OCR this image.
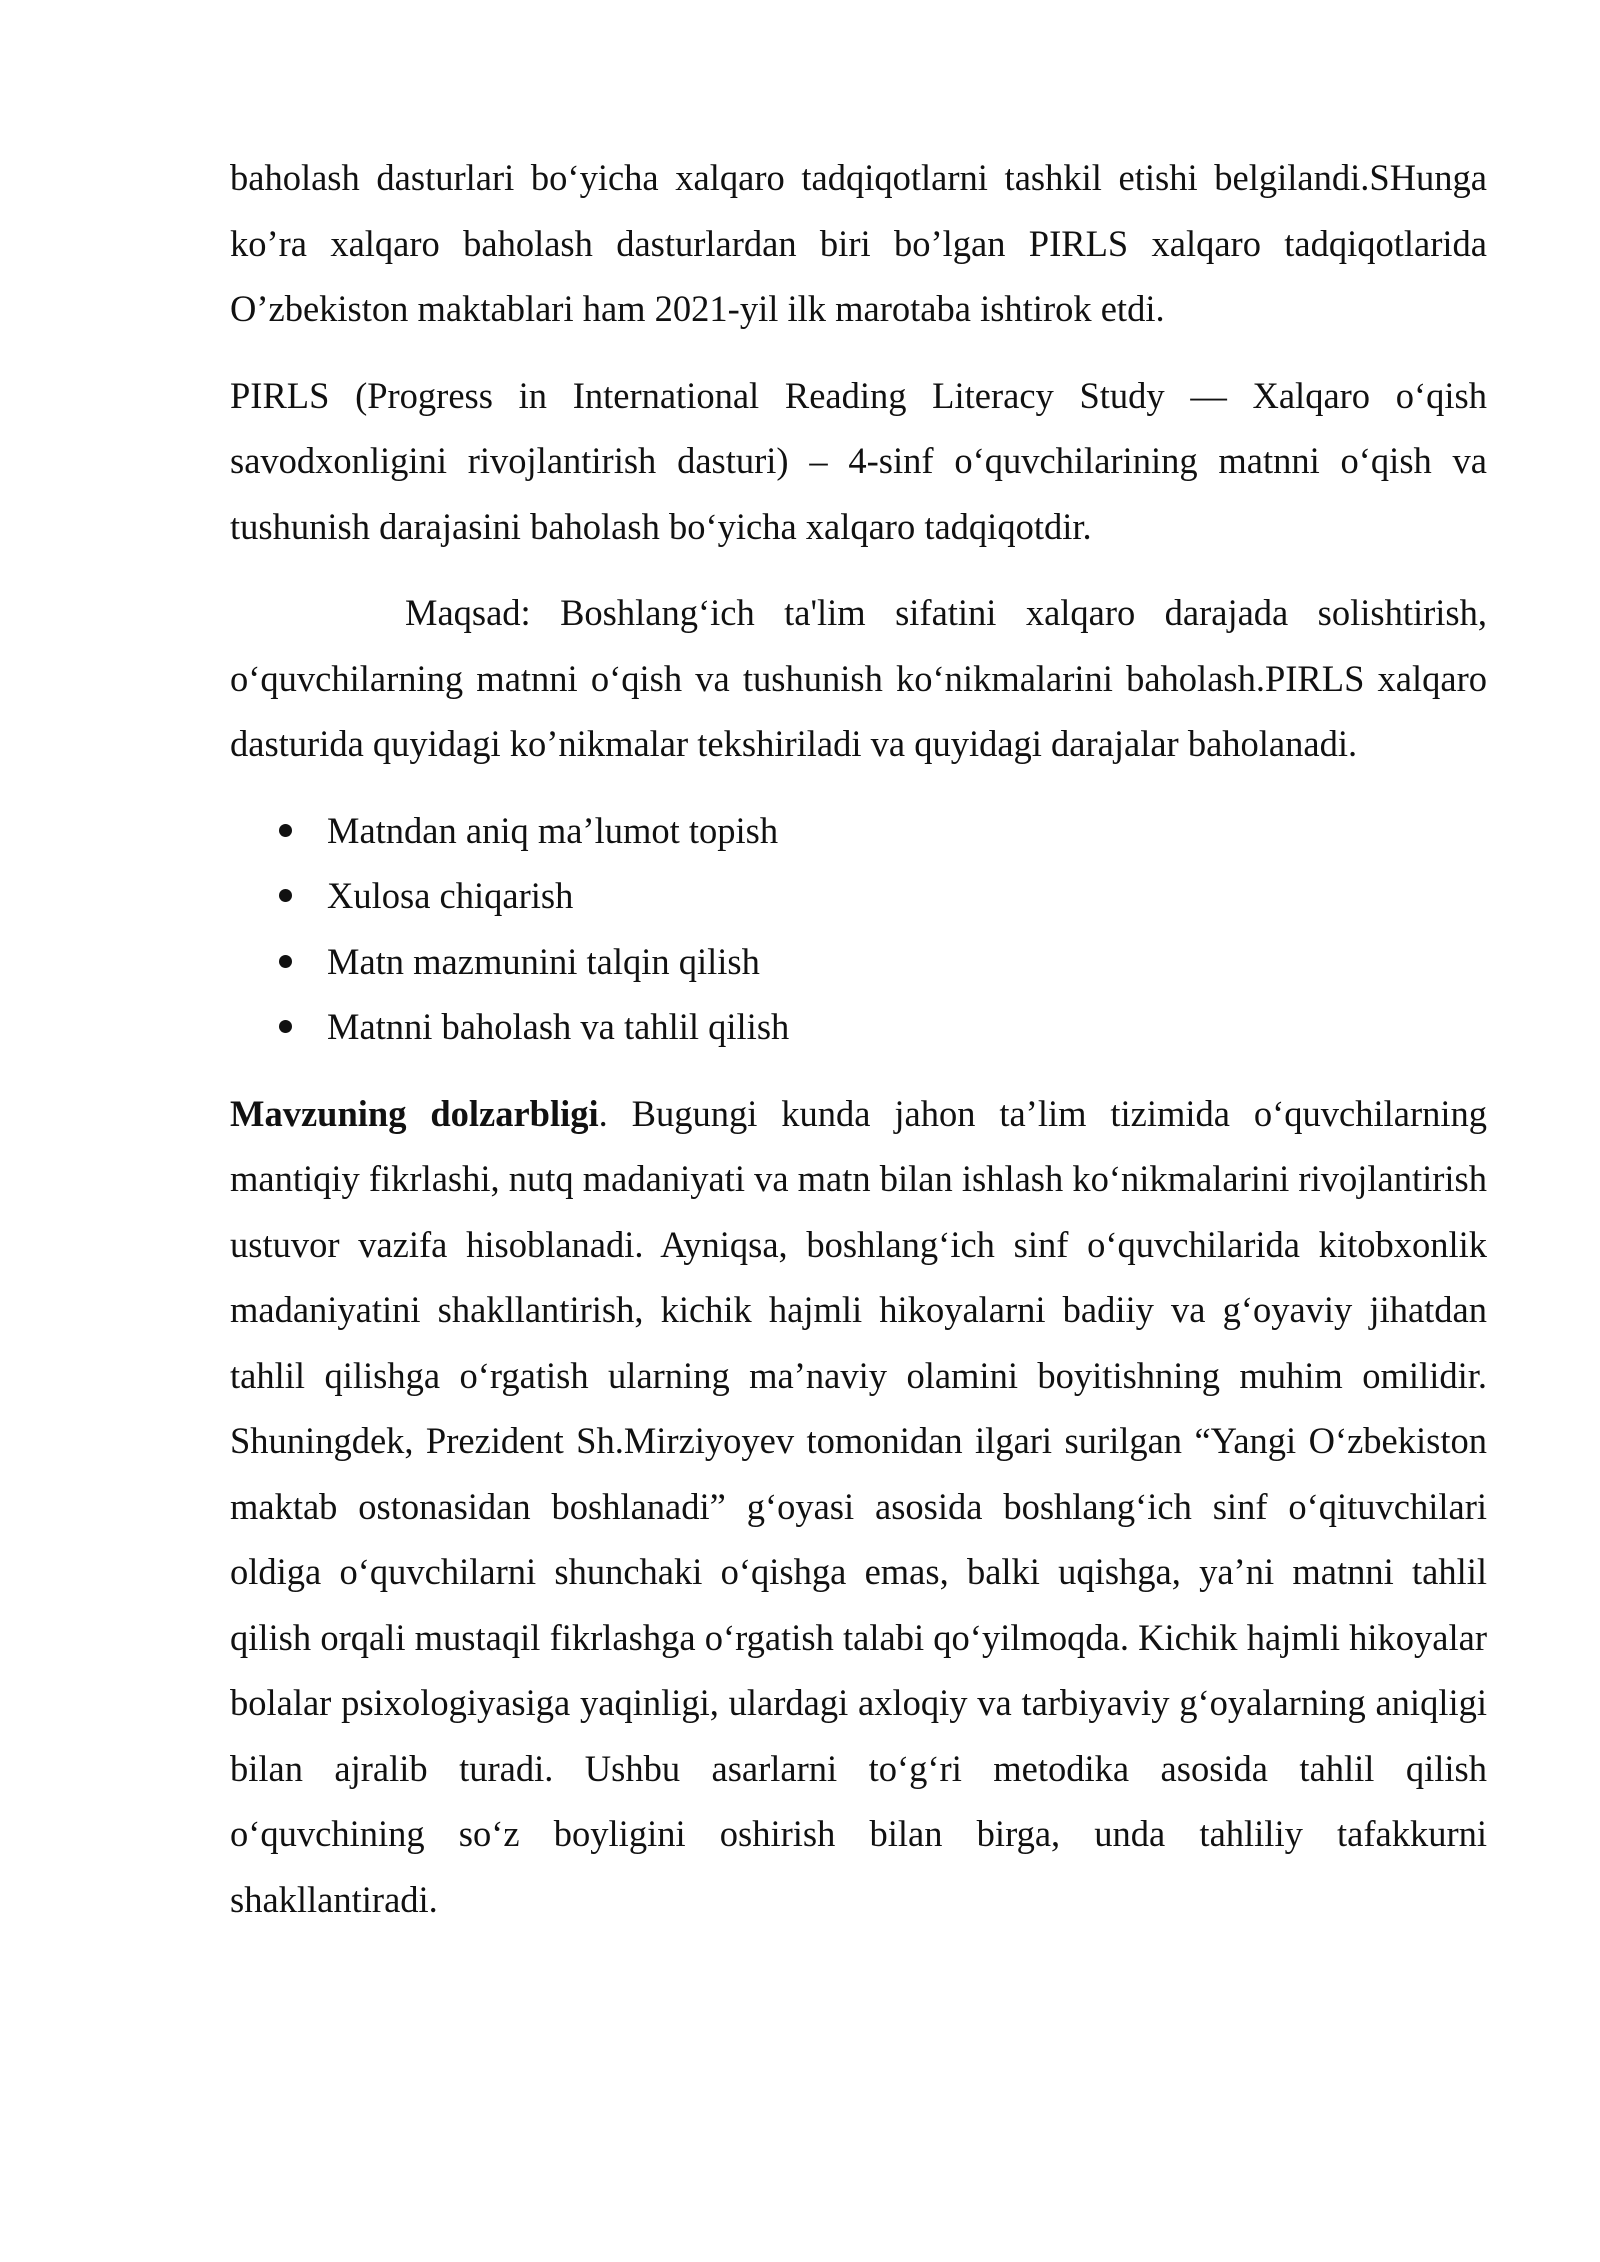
baholash dasturlari bo‘yicha xalqaro tadqiqotlarni tashkil etishi belgilandi.SHunga ko’ra xalqaro baholash dasturlardan biri bo’lgan PIRLS xalqaro tadqiqotlarida O’zbekiston maktablari ham 2021-yil ilk marotaba ishtirok etdi.

PIRLS (Progress in International Reading Literacy Study — Xalqaro o‘qish savodxonligini rivojlantirish dasturi) – 4-sinf o‘quvchilarining matnni o‘qish va tushunish darajasini baholash bo‘yicha xalqaro tadqiqotdir.

Maqsad: Boshlang‘ich ta'lim sifatini xalqaro darajada solishtirish, o‘quvchilarning matnni o‘qish va tushunish ko‘nikmalarini baholash.PIRLS xalqaro dasturida quyidagi ko’nikmalar tekshiriladi va quyidagi darajalar baholanadi.

Matndan aniq ma’lumot topish
Xulosa chiqarish
Matn mazmunini talqin qilish
Matnni baholash va tahlil qilish

Mavzuning dolzarbligi. Bugungi kunda jahon ta’lim tizimida o‘quvchilarning mantiqiy fikrlashi, nutq madaniyati va matn bilan ishlash ko‘nikmalarini rivojlantirish ustuvor vazifa hisoblanadi. Ayniqsa, boshlang‘ich sinf o‘quvchilarida kitobxonlik madaniyatini shakllantirish, kichik hajmli hikoyalarni badiiy va g‘oyaviy jihatdan tahlil qilishga o‘rgatish ularning ma’naviy olamini boyitishning muhim omilidir. Shuningdek, Prezident Sh.Mirziyoyev tomonidan ilgari surilgan “Yangi O‘zbekiston maktab ostonasidan boshlanadi” g‘oyasi asosida boshlang‘ich sinf o‘qituvchilari oldiga o‘quvchilarni shunchaki o‘qishga emas, balki uqishga, ya’ni matnni tahlil qilish orqali mustaqil fikrlashga o‘rgatish talabi qo‘yilmoqda. Kichik hajmli hikoyalar bolalar psixologiyasiga yaqinligi, ulardagi axloqiy va tarbiyaviy g‘oyalarning aniqligi bilan ajralib turadi. Ushbu asarlarni to‘g‘ri metodika asosida tahlil qilish o‘quvchining so‘z boyligini oshirish bilan birga, unda tahliliy tafakkurni shakllantiradi.
